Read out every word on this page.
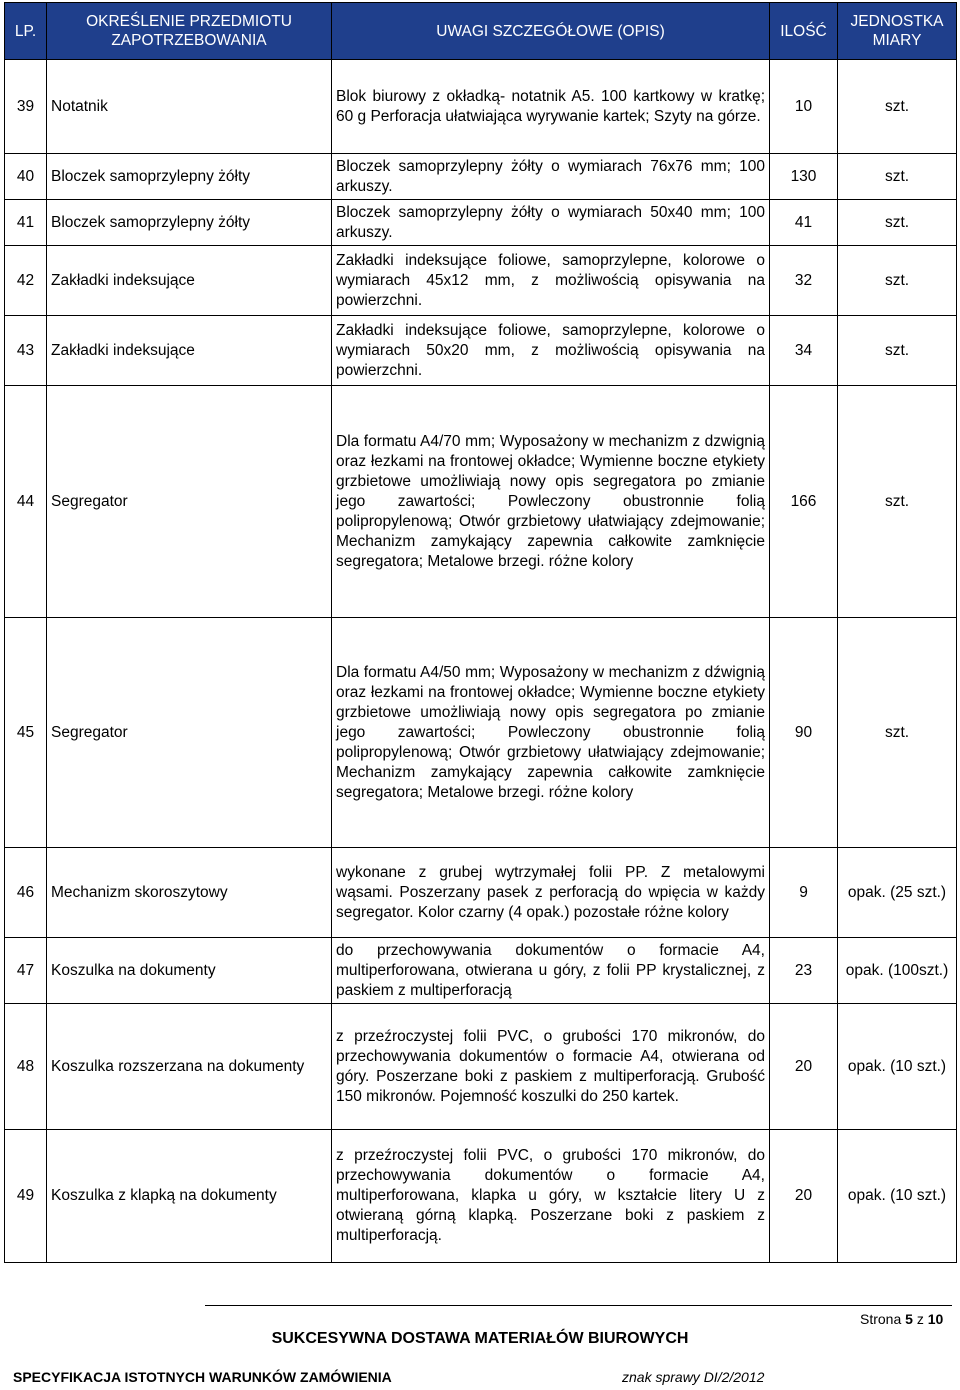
LP.	OKREŚLENIE PRZEDMIOTU ZAPOTRZEBOWANIA	UWAGI SZCZEGÓŁOWE (OPIS)	ILOŚĆ	JEDNOSTKA MIARY
39	Notatnik	Blok biurowy z okładką- notatnik A5. 100 kartkowy w kratkę; 60 g Perforacja ułatwiająca wyrywanie kartek; Szyty na górze.	10	szt.
40	Bloczek samoprzylepny żółty	Bloczek samoprzylepny żółty o wymiarach 76x76 mm; 100 arkuszy.	130	szt.
41	Bloczek samoprzylepny żółty	Bloczek samoprzylepny żółty o wymiarach 50x40 mm; 100 arkuszy.	41	szt.
42	Zakładki indeksujące	Zakładki indeksujące foliowe, samoprzylepne, kolorowe o wymiarach 45x12 mm, z możliwością opisywania na powierzchni.	32	szt.
43	Zakładki indeksujące	Zakładki indeksujące foliowe, samoprzylepne, kolorowe o wymiarach 50x20 mm, z możliwością opisywania na powierzchni.	34	szt.
44	Segregator	Dla formatu A4/70 mm; Wyposażony w mechanizm z dzwignią oraz łezkami na frontowej okładce; Wymienne boczne etykiety grzbietowe umożliwiają nowy opis segregatora po zmianie jego zawartości; Powleczony obustronnie folią polipropylenową; Otwór grzbietowy ułatwiający zdejmowanie; Mechanizm zamykający zapewnia całkowite zamknięcie segregatora; Metalowe brzegi. różne kolory	166	szt.
45	Segregator	Dla formatu A4/50 mm; Wyposażony w mechanizm z dźwignią oraz łezkami na frontowej okładce; Wymienne boczne etykiety grzbietowe umożliwiają nowy opis segregatora po zmianie jego zawartości; Powleczony obustronnie folią polipropylenową; Otwór grzbietowy ułatwiający zdejmowanie; Mechanizm zamykający zapewnia całkowite zamknięcie segregatora; Metalowe brzegi. różne kolory	90	szt.
46	Mechanizm skoroszytowy	wykonane z grubej wytrzymałej folii PP. Z metalowymi wąsami. Poszerzany pasek z perforacją do wpięcia w każdy segregator. Kolor czarny (4 opak.) pozostałe różne kolory	9	opak. (25 szt.)
47	Koszulka na dokumenty	do przechowywania dokumentów o formacie A4, multiperforowana, otwierana u góry, z folii PP krystalicznej, z paskiem z multiperforacją	23	opak. (100szt.)
48	Koszulka rozszerzana na dokumenty	z przeźroczystej folii PVC, o grubości 170 mikronów, do przechowywania dokumentów o formacie A4, otwierana od góry. Poszerzane boki z paskiem z multiperforacją. Grubość 150 mikronów. Pojemność koszulki do 250 kartek.	20	opak. (10 szt.)
49	Koszulka z klapką na dokumenty	z przeźroczystej folii PVC, o grubości 170 mikronów, do przechowywania dokumentów o formacie A4, multiperforowana, klapka u góry, w kształcie litery U z otwieraną górną klapką. Poszerzane boki z paskiem z multiperforacją.	20	opak. (10 szt.)
Strona 5 z 10
SUKCESYWNA DOSTAWA MATERIAŁÓW BIUROWYCH
SPECYFIKACJA ISTOTNYCH WARUNKÓW ZAMÓWIENIA	znak sprawy DI/2/2012
